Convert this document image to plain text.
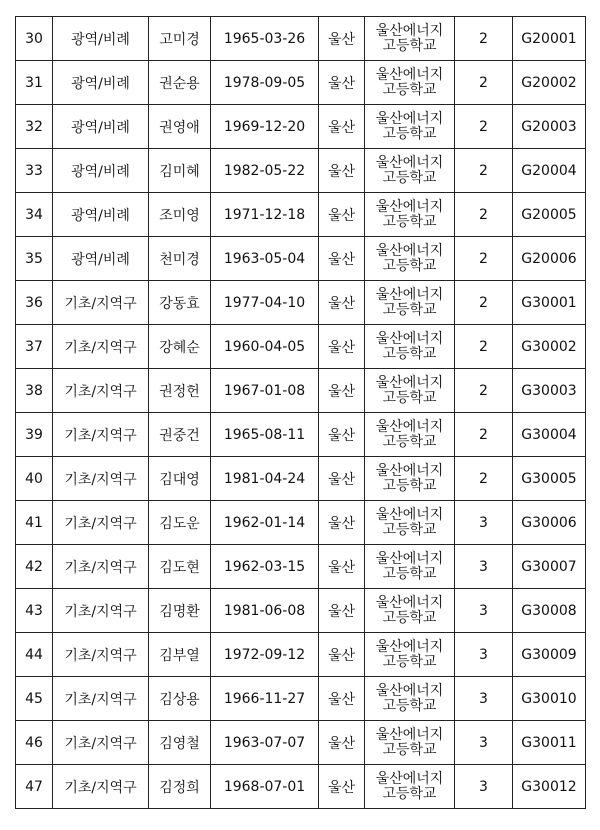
30	광역/비례	고미경	1965-03-26	울산	울산에너지
고등학교	2	G20001
31	광역/비례	권순용	1978-09-05	울산	울산에너지
고등학교	2	G20002
32	광역/비례	권영애	1969-12-20	울산	울산에너지
고등학교	2	G20003
33	광역/비례	김미혜	1982-05-22	울산	울산에너지
고등학교	2	G20004
34	광역/비례	조미영	1971-12-18	울산	울산에너지
고등학교	2	G20005
35	광역/비례	천미경	1963-05-04	울산	울산에너지
고등학교	2	G20006
36	기초/지역구	강동효	1977-04-10	울산	울산에너지
고등학교	2	G30001
37	기초/지역구	강혜순	1960-04-05	울산	울산에너지
고등학교	2	G30002
38	기초/지역구	권정헌	1967-01-08	울산	울산에너지
고등학교	2	G30003
39	기초/지역구	권중건	1965-08-11	울산	울산에너지
고등학교	2	G30004
40	기초/지역구	김대영	1981-04-24	울산	울산에너지
고등학교	2	G30005
41	기초/지역구	김도운	1962-01-14	울산	울산에너지
고등학교	3	G30006
42	기초/지역구	김도현	1962-03-15	울산	울산에너지
고등학교	3	G30007
43	기초/지역구	김명환	1981-06-08	울산	울산에너지
고등학교	3	G30008
44	기초/지역구	김부열	1972-09-12	울산	울산에너지
고등학교	3	G30009
45	기초/지역구	김상용	1966-11-27	울산	울산에너지
고등학교	3	G30010
46	기초/지역구	김영철	1963-07-07	울산	울산에너지
고등학교	3	G30011
47	기초/지역구	김정희	1968-07-01	울산	울산에너지
고등학교	3	G30012
